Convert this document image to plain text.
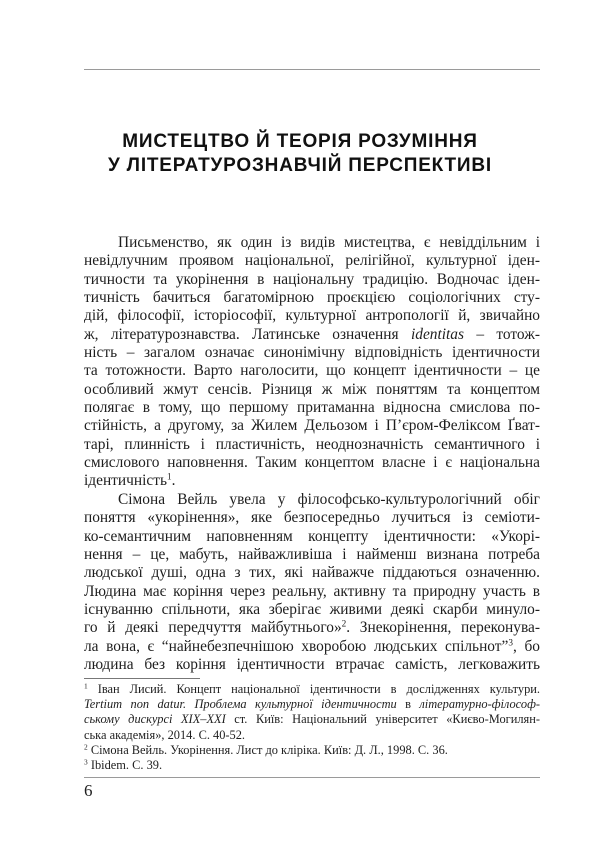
МИСТЕЦТВО Й ТЕОРІЯ РОЗУМІННЯ
У ЛІТЕРАТУРОЗНАВЧІЙ ПЕРСПЕКТИВІ
Письменство, як один із видів мистецтва, є невіддільним і
невідлучним проявом національної, релігійної, культурної іден-
тичности та укорінення в національну традицію. Водночас іден-
тичність бачиться багатомірною проєкцією соціологічних сту-
дій, філософії, історіософії, культурної антропології й, звичайно
ж, літературознавства. Латинське означення identitas – тотож-
ність – загалом означає синонімічну відповідність ідентичности
та тотожности. Варто наголосити, що концепт ідентичности – це
особливий жмут сенсів. Різниця ж між поняттям та концептом
полягає в тому, що першому притаманна відносна смислова по-
стійність, а другому, за Жилем Дельозом і П’єром-Феліксом Ґват-
тарі, плинність і пластичність, неоднозначність семантичного і
смислового наповнення. Таким концептом власне і є національна
ідентичність$^1$.
Сімона Вейль увела у філософсько-культурологічний обіг
поняття «укорінення», яке безпосередньо лучиться із семіоти-
ко-семантичним наповненням концепту ідентичности: «Укорі-
нення – це, мабуть, найважливіша і найменш визнана потреба
людської душі, одна з тих, які найважче піддаються означенню.
Людина має коріння через реальну, активну та природну участь в
існуванню спільноти, яка зберігає живими деякі скарби минуло-
го й деякі передчуття майбутнього»$^2$. Знекорінення, переконува-
ла вона, є “найнебезпечнішою хворобою людських спільнот”$^3$, бо
людина без коріння ідентичности втрачає самість, легковажить
$^1$ Іван Лисий. Концепт національної ідентичности в дослідженнях культури.
Tertium non datur. Проблема культурної ідентичности в літературно-філософ-
ському дискурсі XIX–XXI ст. Київ: Національний університет «Києво-Могилян-
ська академія», 2014. С. 40-52.
$^2$ Сімона Вейль. Укорінення. Лист до кліріка. Київ: Д. Л., 1998. С. 36.
$^3$ Ibidem. С. 39.
6
